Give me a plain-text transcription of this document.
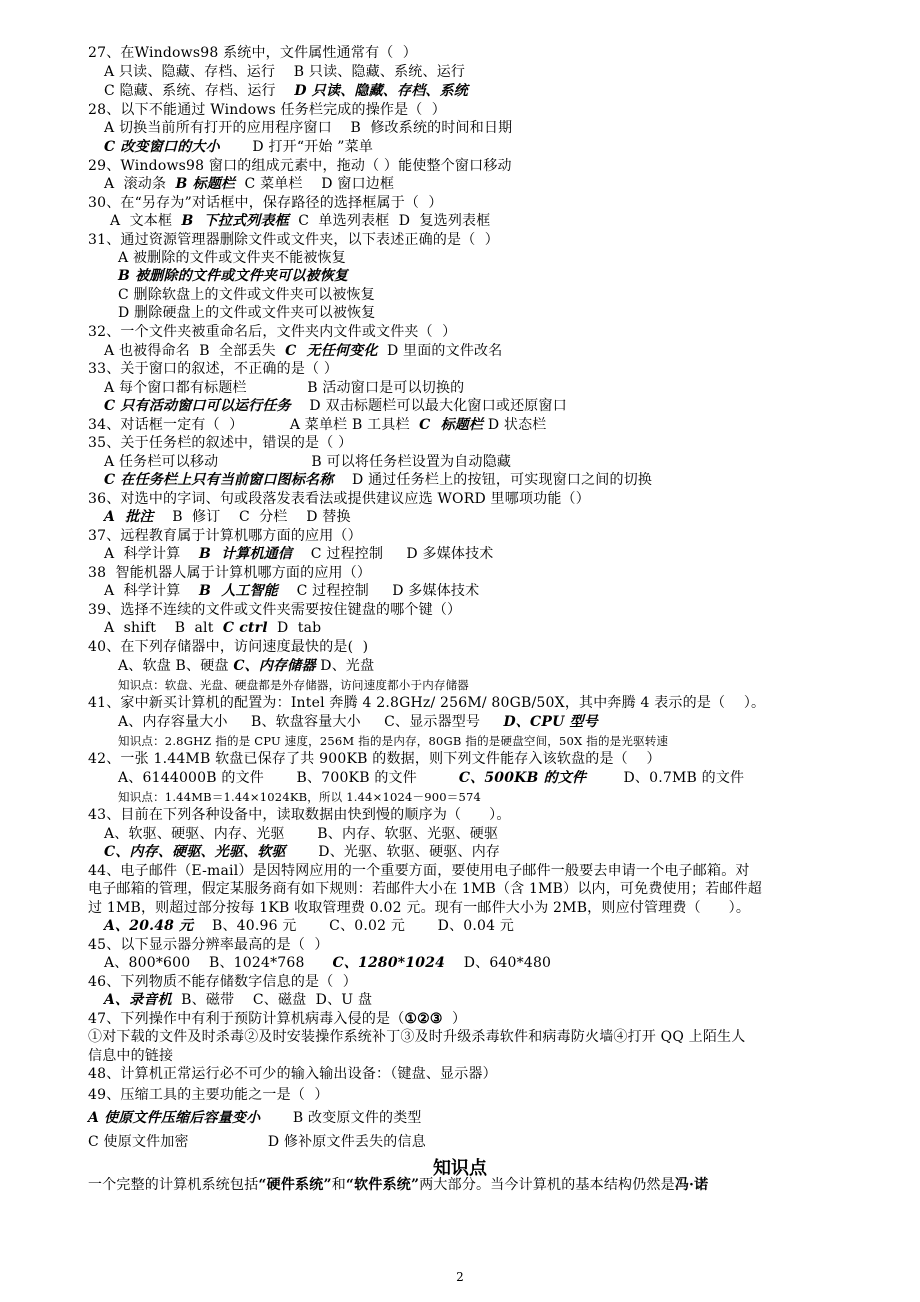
知识点
2
27、在Windows98 系统中，文件属性通常有（  ）
A 只读、隐藏、存档、运行    B 只读、隐藏、系统、运行
C 隐藏、系统、存档、运行    D 只读、隐藏、存档、系统
28、以下不能通过 Windows 任务栏完成的操作是（  ）
A 切换当前所有打开的应用程序窗口    B  修改系统的时间和日期
C 改变窗口的大小       D 打开“开始 ”菜单
29、Windows98 窗口的组成元素中，拖动（ ）能使整个窗口移动
A  滚动条  B 标题栏  C 菜单栏    D 窗口边框
30、在“另存为”对话框中，保存路径的选择框属于（  ）
A  文本框  B  下拉式列表框  C  单选列表框  D  复选列表框
31、通过资源管理器删除文件或文件夹，以下表述正确的是（  ）
A 被删除的文件或文件夹不能被恢复
B 被删除的文件或文件夹可以被恢复
C 删除软盘上的文件或文件夹可以被恢复
D 删除硬盘上的文件或文件夹可以被恢复
32、一个文件夹被重命名后，文件夹内文件或文件夹（  ）
A 也被得命名  B  全部丢失  C  无任何变化  D 里面的文件改名
33、关于窗口的叙述，不正确的是（ ）
A 每个窗口都有标题栏             B 活动窗口是可以切换的
C 只有活动窗口可以运行任务    D 双击标题栏可以最大化窗口或还原窗口
34、对话框一定有（  ）          A 菜单栏 B 工具栏  C  标题栏 D 状态栏
35、关于任务栏的叙述中，错误的是（ ）
A 任务栏可以移动                    B 可以将任务栏设置为自动隐藏
C 在任务栏上只有当前窗口图标名称    D 通过任务栏上的按钮，可实现窗口之间的切换
36、对选中的字词、句或段落发表看法或提供建议应选 WORD 里哪项功能（）
A  批注    B  修订    C  分栏    D 替换
37、远程教育属于计算机哪方面的应用（）
A  科学计算    B  计算机通信    C 过程控制     D 多媒体技术
38  智能机器人属于计算机哪方面的应用（）
A  科学计算    B  人工智能    C 过程控制     D 多媒体技术
39、选择不连续的文件或文件夹需要按住键盘的哪个键（）
A  shift    B  alt  C ctrl  D  tab
40、在下列存储器中，访问速度最快的是(  )
A、软盘 B、硬盘 C、内存储器 D、光盘
知识点：软盘、光盘、硬盘都是外存储器，访问速度都小于内存储器
41、家中新买计算机的配置为：Intel 奔腾 4 2.8GHz/ 256M/ 80GB/50X，其中奔腾 4 表示的是（    ）。
A、内存容量大小     B、软盘容量大小     C、显示器型号     D、CPU 型号
知识点：2.8GHZ 指的是 CPU 速度，256M 指的是内存，80GB 指的是硬盘空间，50X 指的是光驱转速
42、一张 1.44MB 软盘已保存了共 900KB 的数据，则下列文件能存入该软盘的是（    ）
A、6144000B 的文件       B、700KB 的文件         C、500KB 的文件        D、0.7MB 的文件
知识点：1.44MB＝1.44×1024KB，所以 1.44×1024－900＝574
43、目前在下列各种设备中，读取数据由快到慢的顺序为（      ）。
A、软驱、硬驱、内存、光驱       B、内存、软驱、光驱、硬驱
C、内存、硬驱、光驱、软驱       D、光驱、软驱、硬驱、内存
44、电子邮件（E-mail）是因特网应用的一个重要方面，要使用电子邮件一般要去申请一个电子邮箱。对
电子邮箱的管理，假定某服务商有如下规则：若邮件大小在 1MB（含 1MB）以内，可免费使用；若邮件超
过 1MB，则超过部分按每 1KB 收取管理费 0.02 元。现有一邮件大小为 2MB，则应付管理费（      ）。
A、20.48 元    B、40.96 元       C、0.02 元       D、0.04 元
45、以下显示器分辨率最高的是（  ）
A、800*600    B、1024*768      C、1280*1024    D、640*480
46、下列物质不能存储数字信息的是（  ）
A、录音机  B、磁带    C、磁盘  D、U 盘
47、下列操作中有利于预防计算机病毒入侵的是（①②③  ）
①对下载的文件及时杀毒②及时安装操作系统补丁③及时升级杀毒软件和病毒防火墙④打开 QQ 上陌生人
信息中的链接
48、计算机正常运行必不可少的输入输出设备：（键盘、显示器）
49、压缩工具的主要功能之一是（  ）
A 使原文件压缩后容量变小       B 改变原文件的类型
C 使原文件加密                 D 修补原文件丢失的信息
一个完整的计算机系统包括“硬件系统”和“软件系统”两大部分。当今计算机的基本结构仍然是冯·诺
